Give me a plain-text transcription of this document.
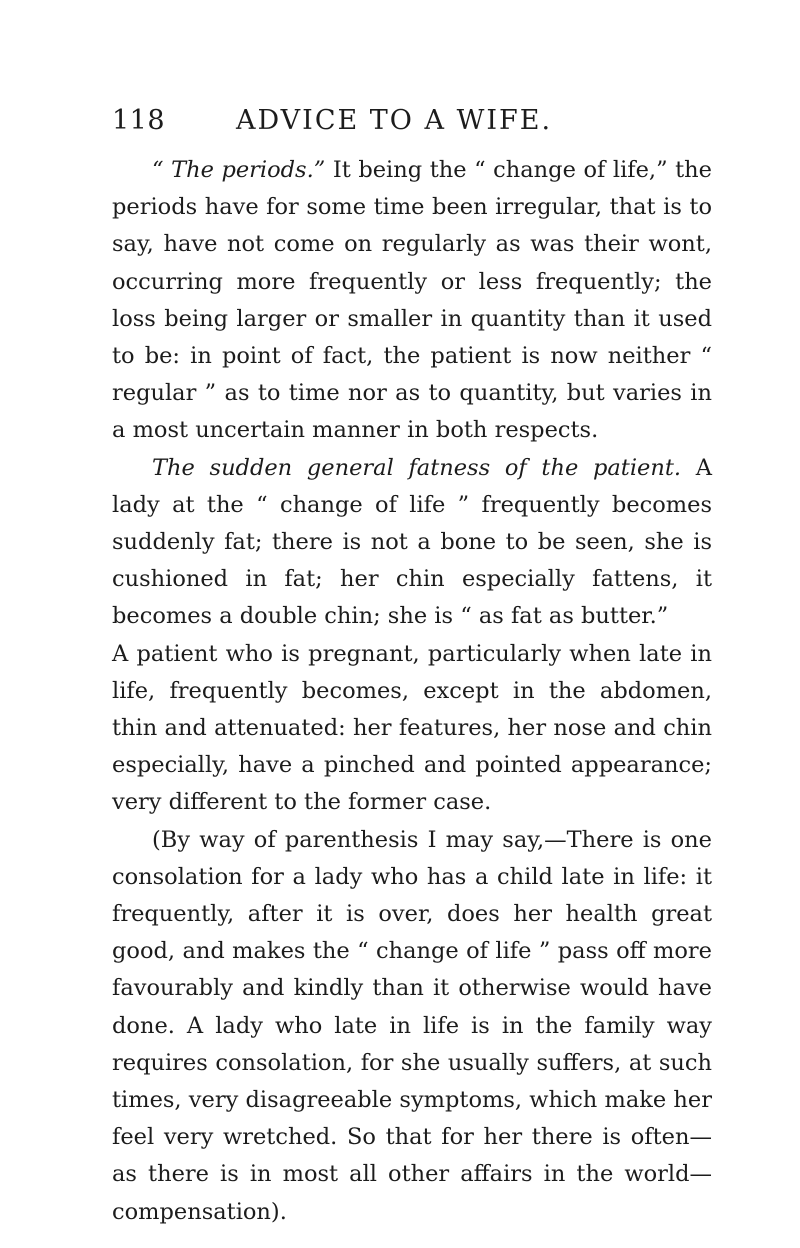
118	ADVICE TO A WIFE.

“ The periods.” It being the “ change of life,” the periods have for some time been irregular, that is to say, have not come on regularly as was their wont, occurring more frequently or less frequently; the loss being larger or smaller in quantity than it used to be: in point of fact, the patient is now neither “ regular ” as to time nor as to quantity, but varies in a most uncertain manner in both respects.

The sudden general fatness of the patient. A lady at the “ change of life ” frequently becomes suddenly fat; there is not a bone to be seen, she is cushioned in fat; her chin especially fattens, it becomes a double chin; she is “ as fat as butter.”

A patient who is pregnant, particularly when late in life, frequently becomes, except in the abdomen, thin and attenuated: her features, her nose and chin especially, have a pinched and pointed appearance; very different to the former case.

(By way of parenthesis I may say,—There is one consolation for a lady who has a child late in life: it frequently, after it is over, does her health great good, and makes the “ change of life ” pass off more favourably and kindly than it otherwise would have done. A lady who late in life is in the family way requires consolation, for she usually suffers, at such times, very disagreeable symptoms, which make her feel very wretched. So that for her there is often—as there is in most all other affairs in the world—compensation).
